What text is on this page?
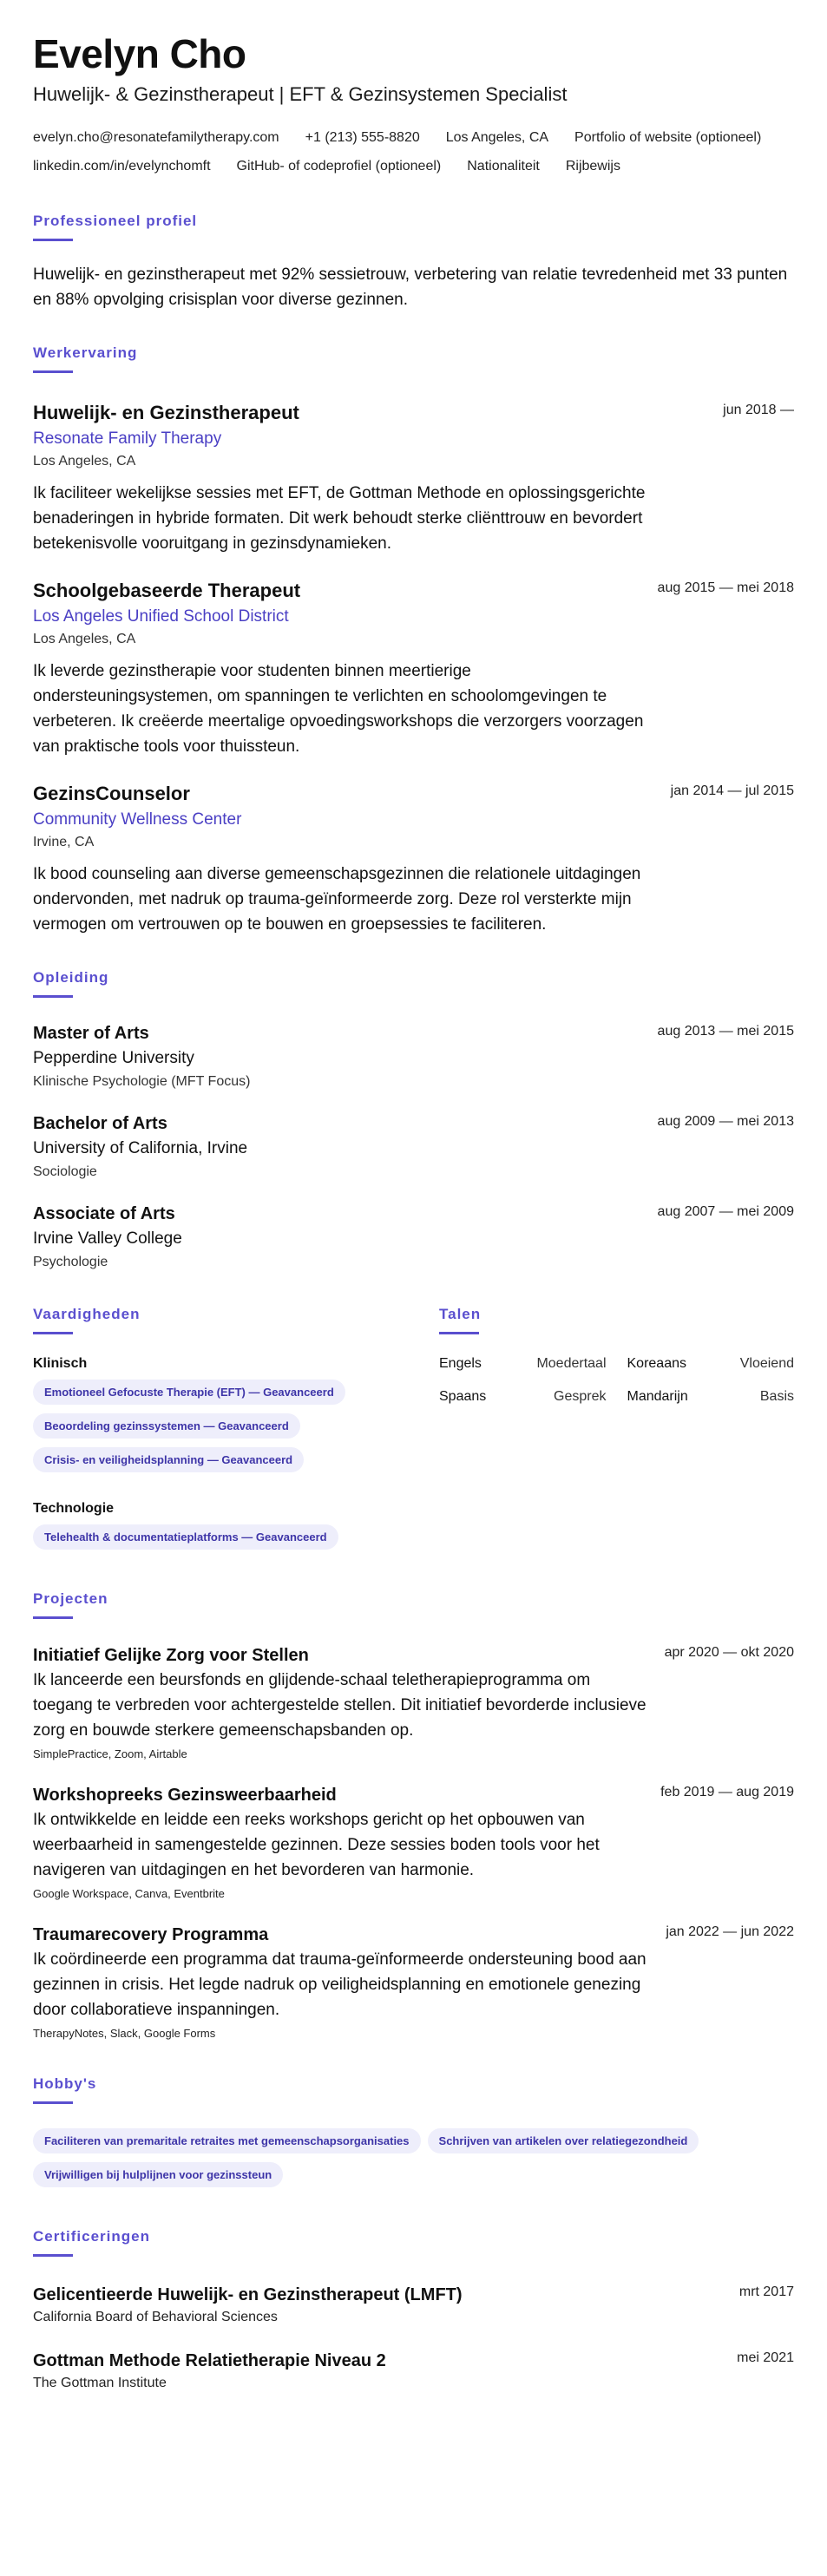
Evelyn Cho
Huwelijk- & Gezinstherapeut | EFT & Gezinsystemen Specialist
evelyn.cho@resonatefamilytherapy.com +1 (213) 555-8820 Los Angeles, CA Portfolio of website (optioneel)
linkedin.com/in/evelynchomft GitHub- of codeprofiel (optioneel) Nationaliteit Rijbewijs
Professioneel profiel

Huwelijk- en gezinstherapeut met 92% sessietrouw, verbetering van relatie tevredenheid met 33 punten en 88% opvolging crisisplan voor diverse gezinnen.

Werkervaring
Huwelijk- en Gezinstherapeut	jun 2018 —
Resonate Family Therapy
Los Angeles, CA

Ik faciliteer wekelijkse sessies met EFT, de Gottman Methode en oplossingsgerichte benaderingen in hybride formaten. Dit werk behoudt sterke cliënttrouw en bevordert betekenisvolle vooruitgang in gezinsdynamieken.

Schoolgebaseerde Therapeut	aug 2015 — mei 2018
Los Angeles Unified School District
Los Angeles, CA

Ik leverde gezinstherapie voor studenten binnen meertierige ondersteuningsystemen, om spanningen te verlichten en schoolomgevingen te verbeteren. Ik creëerde meertalige opvoedingsworkshops die verzorgers voorzagen van praktische tools voor thuissteun.

GezinsCounselor	jan 2014 — jul 2015
Community Wellness Center
Irvine, CA

Ik bood counseling aan diverse gemeenschapsgezinnen die relationele uitdagingen ondervonden, met nadruk op trauma-geïnformeerde zorg. Deze rol versterkte mijn vermogen om vertrouwen op te bouwen en groepsessies te faciliteren.

Opleiding
Master of Arts	aug 2013 — mei 2015
Pepperdine University
Klinische Psychologie (MFT Focus)
Bachelor of Arts	aug 2009 — mei 2013
University of California, Irvine
Sociologie
Associate of Arts	aug 2007 — mei 2009
Irvine Valley College
Psychologie
Vaardigheden
Klinisch
Emotioneel Gefocuste Therapie (EFT) — Geavanceerd
Beoordeling gezinssystemen — Geavanceerd
Crisis- en veiligheidsplanning — Geavanceerd
Technologie
Telehealth & documentatieplatforms — Geavanceerd
Talen
Engels	Moedertaal Koreaans	Vloeiend
Spaans	Gesprek Mandarijn	Basis
Projecten
Initiatief Gelijke Zorg voor Stellen	apr 2020 — okt 2020

Ik lanceerde een beursfonds en glijdende-schaal teletherapieprogramma om toegang te verbreden voor achtergestelde stellen. Dit initiatief bevorderde inclusieve zorg en bouwde sterkere gemeenschapsbanden op.

SimplePractice, Zoom, Airtable
Workshopreeks Gezinsweerbaarheid	feb 2019 — aug 2019

Ik ontwikkelde en leidde een reeks workshops gericht op het opbouwen van weerbaarheid in samengestelde gezinnen. Deze sessies boden tools voor het navigeren van uitdagingen en het bevorderen van harmonie.

Google Workspace, Canva, Eventbrite
Traumarecovery Programma	jan 2022 — jun 2022

Ik coördineerde een programma dat trauma-geïnformeerde ondersteuning bood aan gezinnen in crisis. Het legde nadruk op veiligheidsplanning en emotionele genezing door collaboratieve inspanningen.

TherapyNotes, Slack, Google Forms
Hobby's
Faciliteren van premaritale retraites met gemeenschapsorganisaties	Schrijven van artikelen over relatiegezondheidVrijwilligen bij hulplijnen voor gezinssteun
Certificeringen
Gelicentieerde Huwelijk- en Gezinstherapeut (LMFT)	mrt 2017
California Board of Behavioral Sciences
Gottman Methode Relatietherapie Niveau 2	mei 2021
The Gottman Institute
